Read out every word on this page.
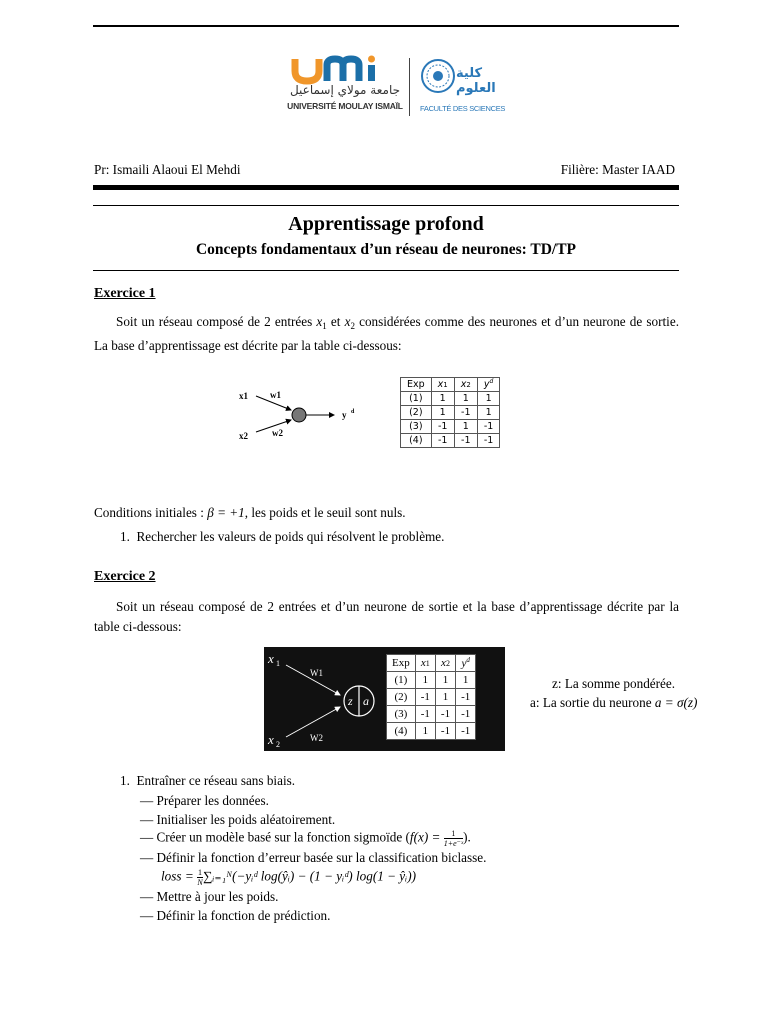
جامعة مولاي إسماعيل
UNIVERSITÉ MOULAY ISMAÏL
كلية العلوم
FACULTÉ DES SCIENCES
Pr: Ismaili Alaoui El Mehdi	Filière: Master IAAD
Apprentissage profond
Concepts fondamentaux d’un réseau de neurones: TD/TP
Exercice 1
Soit un réseau composé de 2 entrées $x_1$ et $x_2$ considérées comme des neurones et d’un neurone de sortie. La base d’apprentissage est décrite par la table ci-dessous:
x1
x2
w1
w2
y d
Exp	x1	x2	$y^d$
(1)	1	1	1
(2)	1	-1	1
(3)	-1	1	-1
(4)	-1	-1	-1
Conditions initiales : β = +1, les poids et le seuil sont nuls.
1. Rechercher les valeurs de poids qui résolvent le problème.
Exercice 2
Soit un réseau composé de 2 entrées et d’un neurone de sortie et la base d’apprentissage décrite par la table ci-dessous:
x 1
x 2
W1
W2
z a
Exp	x1	x2	$y^d$
(1)	1	1	1
(2)	-1	1	-1
(3)	-1	-1	-1
(4)	1	-1	-1
z: La somme pondérée.
a: La sortie du neurone a = σ(z)
1. Entraîner ce réseau sans biais.
— Préparer les données.
— Initialiser les poids aléatoirement.
— Créer un modèle basé sur la fonction sigmoïde ($f(x) = \frac{1}{\text{1+e⁻ˣ}}$ ).
— Définir la fonction d’erreur basée sur la classification biclasse.
loss = $\frac{1}{N}$ ∑ᵢ₌₁ᴺ(−yᵢᵈ log(ŷᵢ) − (1 − yᵢᵈ) log(1 − ŷᵢ))
— Mettre à jour les poids.
— Définir la fonction de prédiction.
